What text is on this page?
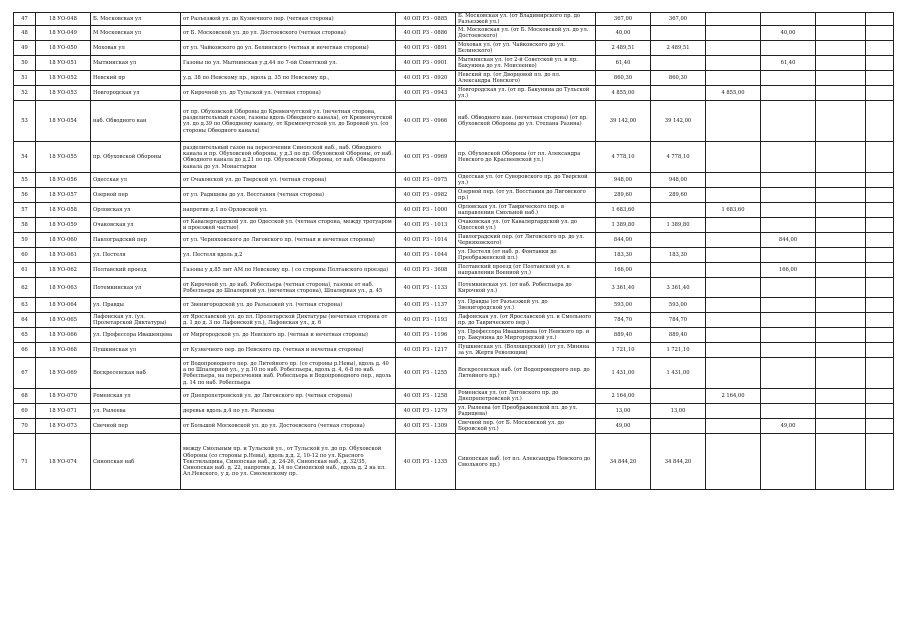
47	18 УО-048	Б. Московская ул	от Разъезжей ул. до Кузнечного пер. (четная сторона)	40 ОП РЗ - 0885	Б. Московская ул. (от Владимирского пр. до Разъезжей ул.)	367,00	367,00				
48	18 УО-049	М Московская ул	от Б. Московской ул. до ул. Достоевского (четная сторона)	40 ОП РЗ - 0886	М. Московская ул. (от Б. Московской ул. до ул. Достоевского)	40,00			40,00		
49	18 УО-050	Моховая ул	от ул. Чайковского до ул. Белинского (четная и нечетная стороны)	40 ОП РЗ - 0891	Моховая ул. (от ул. Чайковского до ул. Белинского)	2 489,51	2 489,51				
50	18 УО-051	Мытнинская ул	Газоны по ул. Мытнинская у.д.44 по 7-ой Советской ул.	40 ОП РЗ - 0901	Мытнинская ул. (от 2-й Советской ул. и пр. Бакунина до ул. Моисеенко)	61,40			61,40		
51	18 УО-052	Невский пр	у.д. 38 по Невскому пр., вдоль д. 35 по Невскому пр.,	40 ОП РЗ - 0920	Невский пр. (от Дворцовой пл. до пл. Александра Невского)	860,30	860,30				
52	18 УО-053	Новгородская ул	от Кирочной ул. до Тульской ул. (четная сторона)	40 ОП РЗ - 0943	Новгородская ул. (от пр. Бакунина до Тульской ул.)	4 855,00		4 855,00			
53	18 УО-054	наб. Обводного кан	от пр. Обуховской Обороны до Кременчугской ул. (нечетная сторона, разделительный газон, газоны вдоль Обводного канала), от Кременчугской ул. до д.39 по Обводному каналу, от Кременчугской ул. до Боровой ул. (со стороны Обводного канала)	40 ОП РЗ - 0966	наб. Обводного кан. (нечетная сторона) (от пр. Обуховской Обороны до ул. Степана Разина)	39 142,00	39 142,00				
54	18 УО-055	пр. Обуховской Обороны	разделительный газон на пересечении Синопской наб., наб. Обводного канала и пр. Обуховской обороны, у д.3 по пр. Обуховской Обороны, от наб. Обводного канала до д.21 по пр. Обуховской Обороны, от наб. Обводного канала до ул. Монастырки	40 ОП РЗ - 0969	пр. Обуховской Обороны (от пл. Александра Невского до Краснеевской ул.)	4 778,10	4 778,10				
55	18 УО-056	Одесская ул	от Очаковской ул. до Тверской ул. (четная сторона)	40 ОП РЗ - 0975	Одесская ул. (от Суворовского пр. до Тверской ул.)	948,00	948,00				
56	18 УО-057	Озерной пер	от ул. Радищева до ул. Восстания (четная сторона)	40 ОП РЗ - 0982	Озерной пер. (от ул. Восстания до Лиговского пр.)	289,60	289,60				
57	18 УО-058	Орловская ул	напротив д.1 по Орловской ул.	40 ОП РЗ - 1000	Орловская ул. (от Таврического пер. в направлении Смольной наб.)	1 683,60		1 683,60			
58	18 УО-059	Очаковская ул	от Кавалергардской ул. до Одесской ул. (четная сторона, между тротуаром и проезжей частью)	40 ОП РЗ - 1013	Очаковская ул. (от Кавалергардской ул. до Одесской ул.)	1 389,80	1 389,80				
59	18 УО-060	Павлоградский пер	от ул. Черняховского до Лиговского пр. (четная и нечетная стороны)	40 ОП РЗ - 1014	Павлоградский пер. (от Лиговского пр. до ул. Черняховского)	844,00			844,00		
60	18 УО-061	ул. Пестеля	ул. Пестеля вдоль д.2	40 ОП РЗ - 1044	ул. Пестеля (от наб. р. Фонтанки до Преображенской пл.)	183,30	183,30				
61	18 УО-062	Полтавский проезд	Газоны у д.85 лит АМ по Невскому пр. ( со стороны Полтавского проезда)	40 ОП РЗ - 3608	Полтавский проезд (от Полтавской ул. в направлении Военной ул.)	166,00			166,00		
62	18 УО-063	Потемкинская ул	от Кирочной ул. до наб. Робеспьера (четная сторона), газоны от наб. Робеспьера до Шпалерной ул. (нечетная сторона), Шпалерная ул., д. 45	40 ОП РЗ - 1133	Потемкинская ул. (от наб. Робеспьера до Кирочной ул.)	3 361,40	3 361,40				
63	18 УО-064	ул. Правды	от Звенигородской ул. до Разъезжей ул. (четная сторона)	40 ОП РЗ - 1137	ул. Правды (от Разъезжей ул. до Звенигородской ул.)	593,00	593,00				
64	18 УО-065	Лафонская ул. (ул. Пролетарской Диктатуры)	от Ярославской ул. до пл. Пролетарской Диктатуры (нечетная сторона от д. 1 до д. 3 по Лафонской ул.), Лафонская ул., д. 6	40 ОП РЗ - 1193	Лафонская ул. (от Ярославской ул. и Смольного пр. до Таврического пер.)	784,70	784,70				
65	18 УО-066	ул. Профессора Ивашенцева	от Миргородской ул. до Невского пр. (четная и нечетная стороны)	40 ОП РЗ - 1196	ул. Профессора Ивашенцева (от Невского пр. и пр. Бакунина до Миргородской ул.)	889,40	889,40				
66	18 УО-068	Пушкинская ул	от Кузнечного пер. до Невского пр. (четная и нечетная стороны)	40 ОП РЗ - 1217	Пушкинская ул. (Волошерский) (от ул. Миннна за ул. Жертв Революции)	1 721,10	1 721,10				
67	18 УО-069	Воскресенская наб	от Водопроводного пер. до Литейного пр. (со стороны р.Невы), вдоль д. 40 а по Шпалерной ул., у д.10 по наб. Робеспьера, вдоль д. 4, 6-8 по наб. Робеспьера, на пересечении наб. Робеспьера и Водопроводного пер., вдоль д. 14 по наб. Робеспьера	40 ОП РЗ - 1255	Воскресенская наб. (от Водопроводного пер. до Литейного пр.)	1 431,00	1 431,00				
68	18 УО-070	Роменская ул	от Днепропетровской ул. до Лиговского пр. (четная сторона)	40 ОП РЗ - 1258	Роменская ул. (от Лиговского пр. до Днепропетровской ул.)	2 164,00		2 164,00			
69	18 УО-071	ул. Рылеева	деревья вдоль д.4 по ул. Рылеева	40 ОП РЗ - 1279	ул. Рылеева (от Преображенской пл. до ул. Радищева)	13,00	13,00				
70	18 УО-073	Свечной пер	от Большой Московской ул. до ул. Достоевского (четная сторона)	40 ОП РЗ - 1309	Свечной пер. (от Б. Московской ул. до Боровской ул.)	49,00			49,00		
71	18 УО-074	Синопская наб	между Смольным пр. и Тульской ул., от Тульской ул. до пр. Обуховской Обороны (со стороны р.Невы), вдоль д.д. 2, 10-12 по ул. Красного Текстильщика, Синопская наб., д. 24-26, Синопская наб., д. 32/35, Синопская наб. д. 22, напротив д. 14 по Синопской наб., вдоль д. 2 на пл. Ал.Невского, у д. по ул. Смоленскому пр.	40 ОП РЗ - 1335	Синопская наб. (от пл. Александра Невского до Смольного пр.)	34 844,20	34 844,20				
